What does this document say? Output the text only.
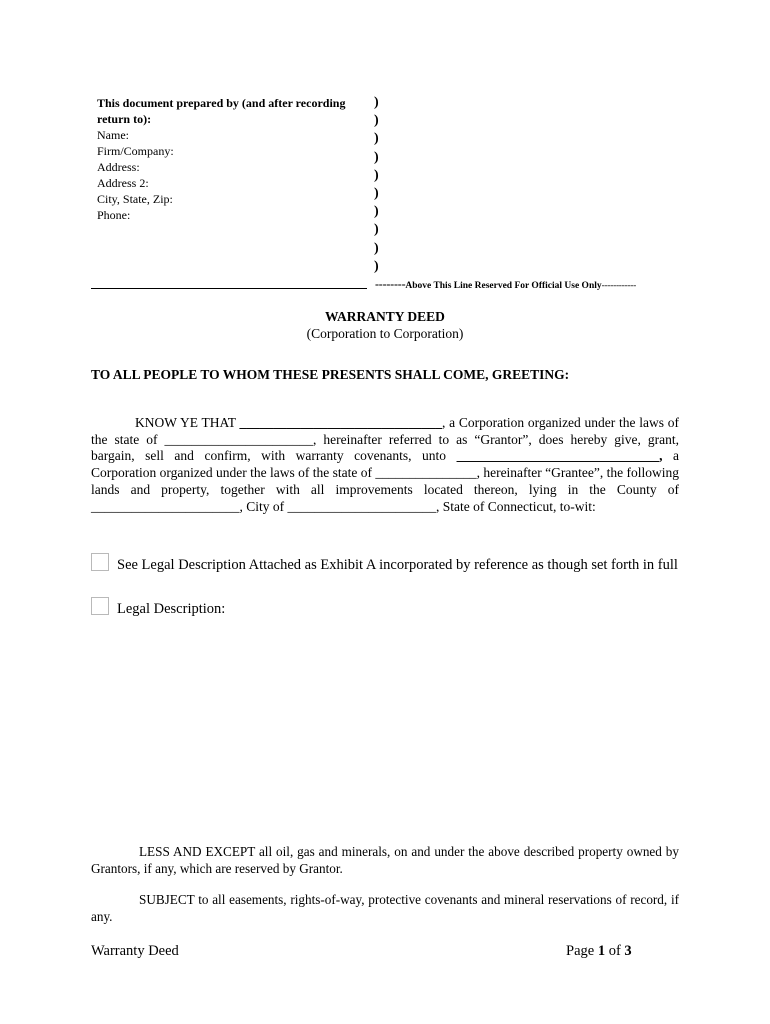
This document prepared by (and after recording
return to):
Name:
Firm/Company:
Address:
Address 2:
City, State, Zip:
Phone:
)
)
)
)
)
)
)
)
)
)
--------Above This Line Reserved For Official Use Only------------
WARRANTY DEED
(Corporation to Corporation)
TO ALL PEOPLE TO WHOM THESE PRESENTS SHALL COME, GREETING:
KNOW YE THAT ______________________________, a Corporation organized under the laws of the state of ______________________, hereinafter referred to as “Grantor”, does hereby give, grant, bargain, sell and confirm, with warranty covenants, unto ______________________________, a Corporation organized under the laws of the state of _______________, hereinafter “Grantee”, the following lands and property, together with all improvements located thereon, lying in the County of ______________________, City of ______________________, State of Connecticut, to-wit:
See Legal Description Attached as Exhibit A incorporated by reference as though set forth in full
Legal Description:
LESS AND EXCEPT all oil, gas and minerals, on and under the above described property owned by Grantors, if any, which are reserved by Grantor.
SUBJECT to all easements, rights-of-way, protective covenants and mineral reservations of record, if any.
Warranty Deed	Page 1 of 3
